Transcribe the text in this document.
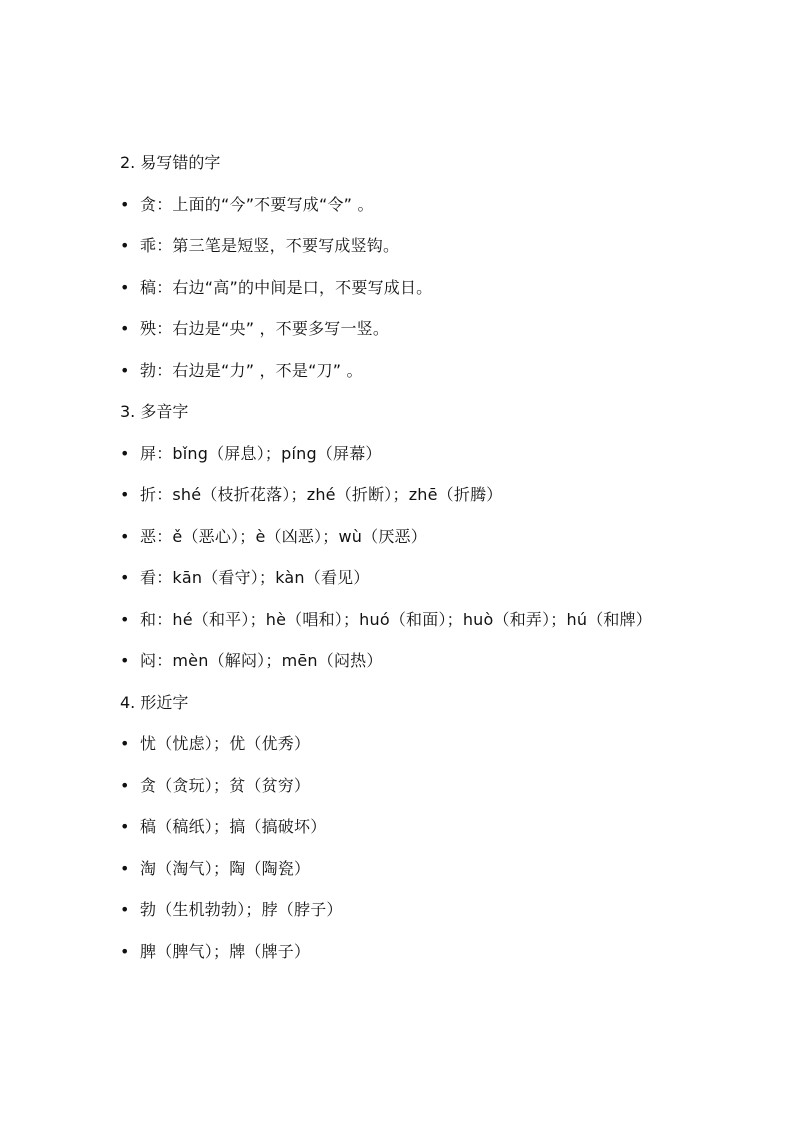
2. 易写错的字
• 贪：上面的“今”不要写成“令” 。
• 乖：第三笔是短竖，不要写成竖钩。
• 稿：右边“高”的中间是口，不要写成日。
• 殃：右边是“央” ，不要多写一竖。
• 勃：右边是“力” ，不是“刀” 。
3. 多音字
• 屏：bǐng（屏息）；píng（屏幕）
• 折：shé（枝折花落）；zhé（折断）；zhē（折腾）
• 恶：ě（恶心）；è（凶恶）；wù（厌恶）
• 看：kān（看守）；kàn（看见）
• 和：hé（和平）；hè（唱和）；huó（和面）；huò（和弄）；hú（和牌）
• 闷：mèn（解闷）；mēn（闷热）
4. 形近字
• 忧（忧虑）；优（优秀）
• 贪（贪玩）；贫（贫穷）
• 稿（稿纸）；搞（搞破坏）
• 淘（淘气）；陶（陶瓷）
• 勃（生机勃勃）；脖（脖子）
• 脾（脾气）；牌（牌子）
